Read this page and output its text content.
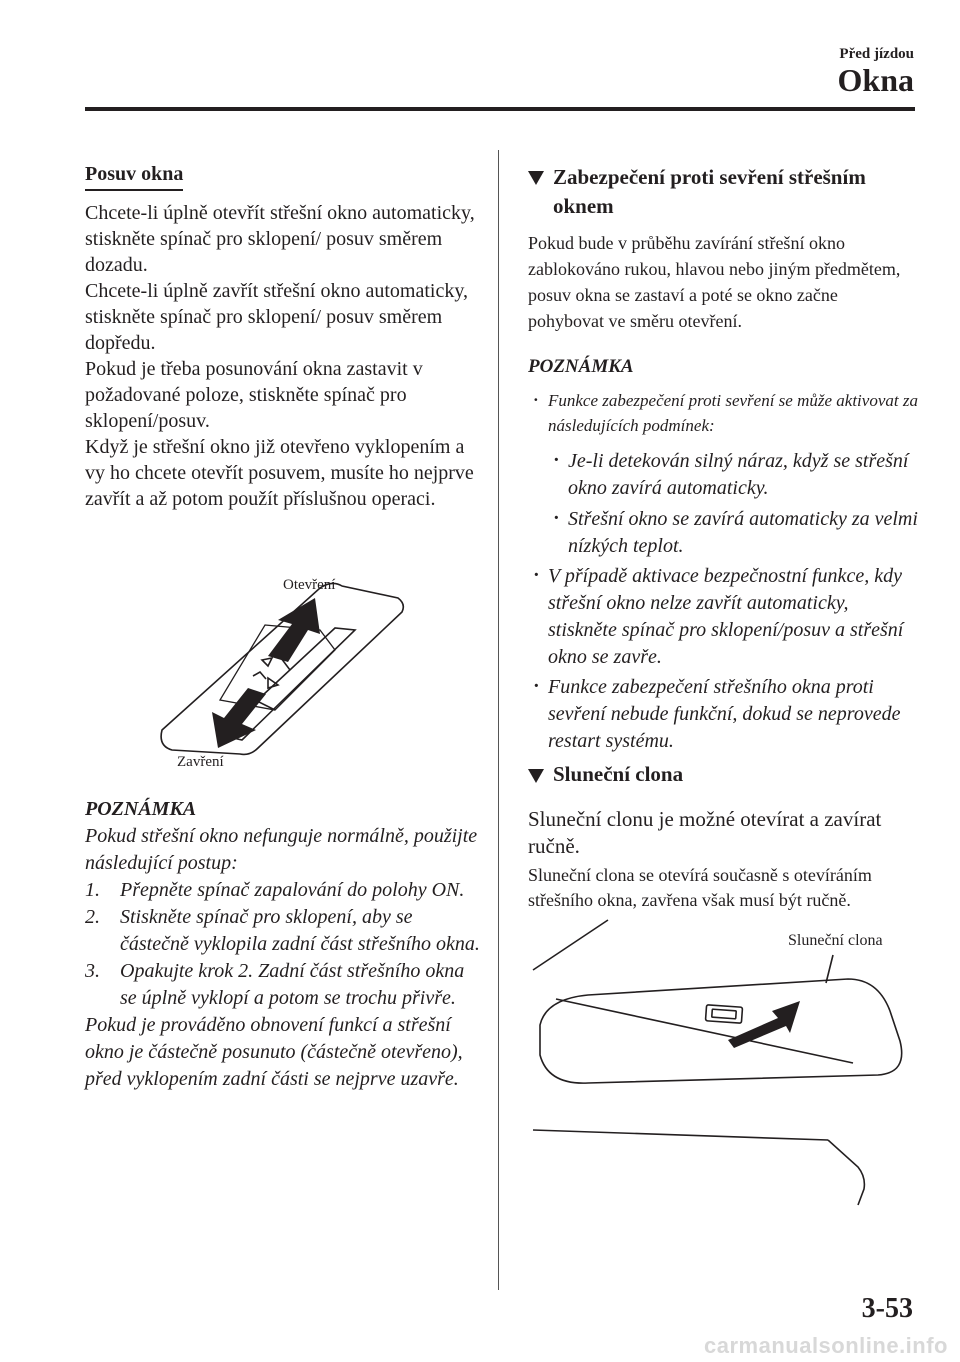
Před jízdou
Okna
Posuv okna

Chcete-li úplně otevřít střešní okno automaticky, stiskněte spínač pro sklopení/ posuv směrem dozadu.

Chcete-li úplně zavřít střešní okno automaticky, stiskněte spínač pro sklopení/ posuv směrem dopředu.

Pokud je třeba posunování okna zastavit v požadované poloze, stiskněte spínač pro sklopení/posuv.

Když je střešní okno již otevřeno vyklopením a vy ho chcete otevřít posuvem, musíte ho nejprve zavřít a až potom použít příslušnou operaci.

Otevření
Zavření
POZNÁMKA

Pokud střešní okno nefunguje normálně, použijte následující postup:

1. Přepněte spínač zapalování do polohy ON.
2. Stiskněte spínač pro sklopení, aby se částečně vyklopila zadní část střešního okna.
3. Opakujte krok 2. Zadní část střešního okna se úplně vyklopí a potom se trochu přivře.

Pokud je prováděno obnovení funkcí a střešní okno je částečně posunuto (částečně otevřeno), před vyklopením zadní části se nejprve uzavře.

Zabezpečení proti sevření střešním oknem

Pokud bude v průběhu zavírání střešní okno zablokováno rukou, hlavou nebo jiným předmětem, posuv okna se zastaví a poté se okno začne pohybovat ve směru otevření.

POZNÁMKA
· Funkce zabezpečení proti sevření se může aktivovat za následujících podmínek:
· Je-li detekován silný náraz, když se střešní okno zavírá automaticky.
· Střešní okno se zavírá automaticky za velmi nízkých teplot.
· V případě aktivace bezpečnostní funkce, kdy střešní okno nelze zavřít automaticky, stiskněte spínač pro sklopení/posuv a střešní okno se zavře.
· Funkce zabezpečení střešního okna proti sevření nebude funkční, dokud se neprovede restart systému.
Sluneční clona

Sluneční clonu je možné otevírat a zavírat ručně.

Sluneční clona se otevírá současně s otevíráním střešního okna, zavřena však musí být ručně.

Sluneční clona
3-53
carmanualsonline.info
